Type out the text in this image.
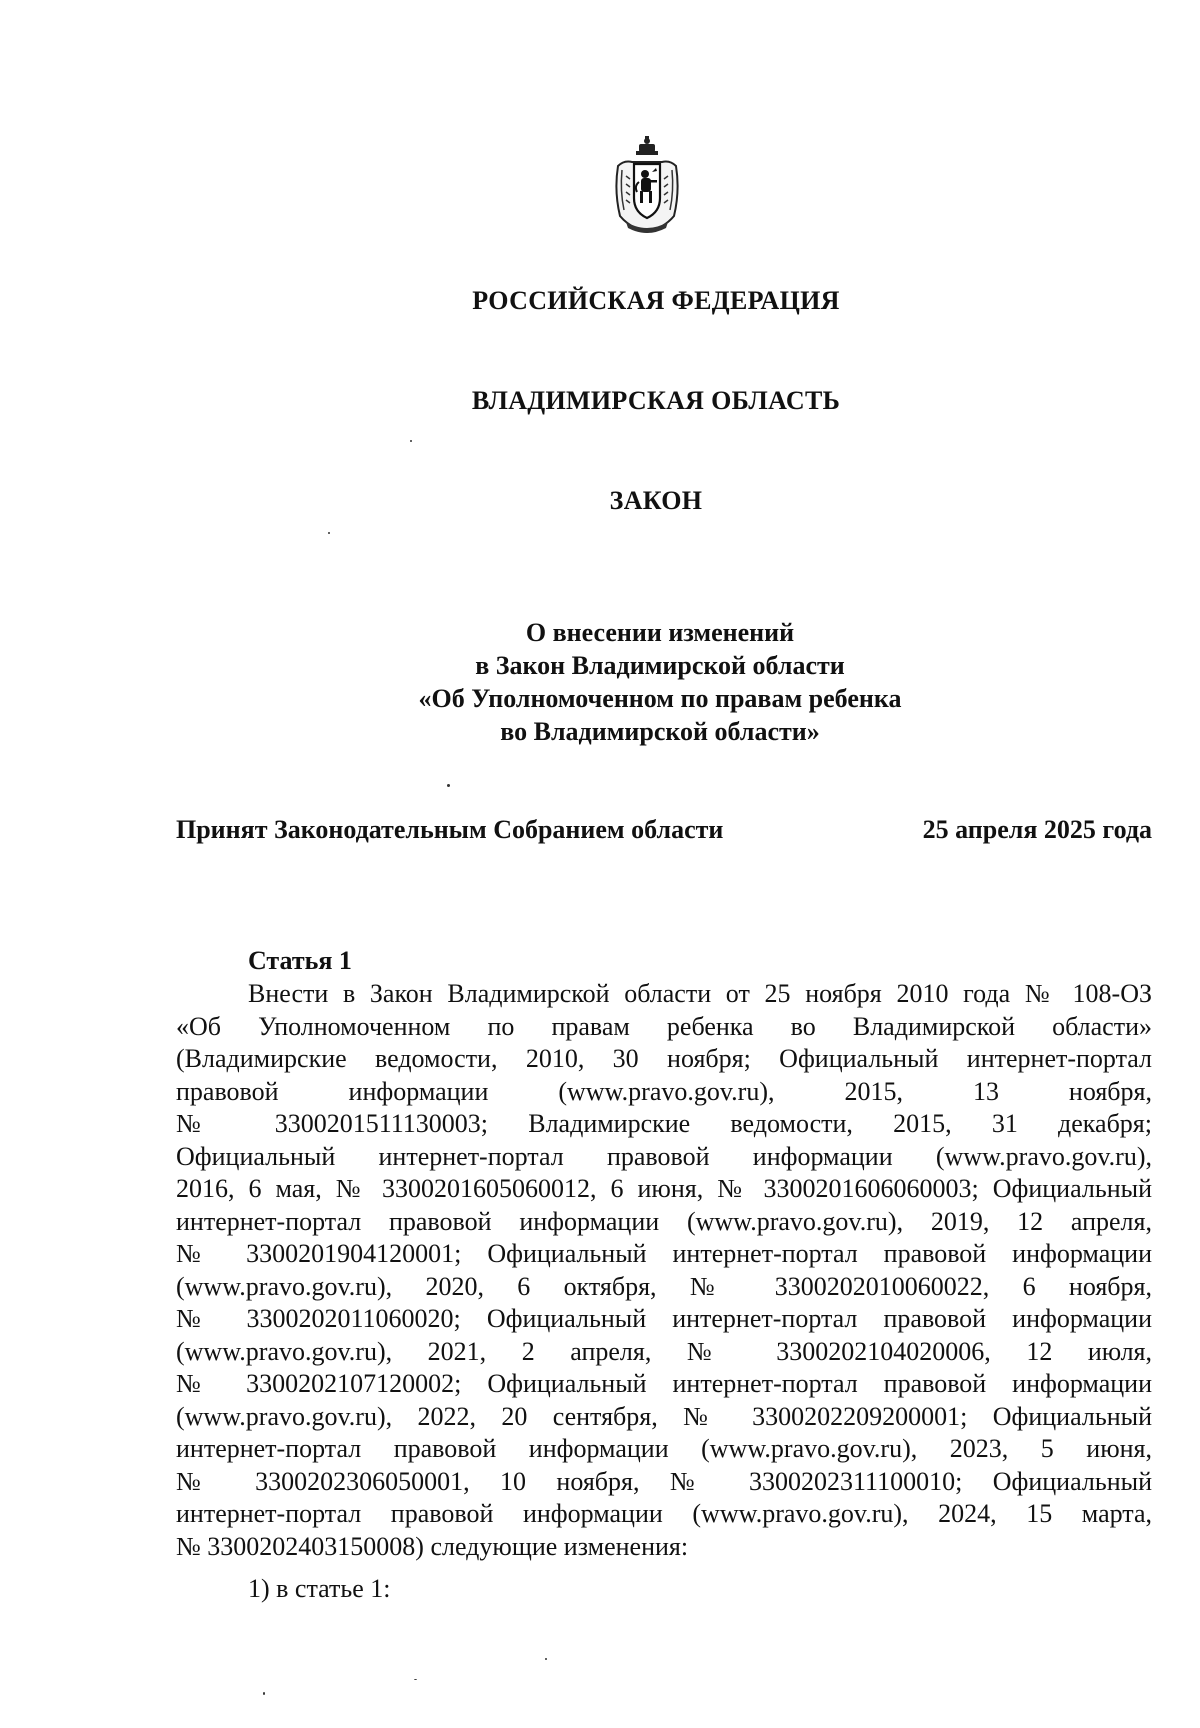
РОССИЙСКАЯ ФЕДЕРАЦИЯ
ВЛАДИМИРСКАЯ ОБЛАСТЬ
ЗАКОН
О внесении изменений
в Закон Владимирской области
«Об Уполномоченном по правам ребенка
во Владимирской области»
Принят Законодательным Собранием области	25 апреля 2025 года
Статья 1
Внести в Закон Владимирской области от 25 ноября 2010 года № 108-ОЗ
«Об Уполномоченном по правам ребенка во Владимирской области»
(Владимирские ведомости, 2010, 30 ноября; Официальный интернет-портал
правовой информации (www.pravo.gov.ru), 2015, 13 ноября,
№ 3300201511130003; Владимирские ведомости, 2015, 31 декабря;
Официальный интернет-портал правовой информации (www.pravo.gov.ru),
2016, 6 мая, № 3300201605060012, 6 июня, № 3300201606060003; Официальный
интернет-портал правовой информации (www.pravo.gov.ru), 2019, 12 апреля,
№ 3300201904120001; Официальный интернет-портал правовой информации
(www.pravo.gov.ru), 2020, 6 октября, № 3300202010060022, 6 ноября,
№ 3300202011060020; Официальный интернет-портал правовой информации
(www.pravo.gov.ru), 2021, 2 апреля, № 3300202104020006, 12 июля,
№ 3300202107120002; Официальный интернет-портал правовой информации
(www.pravo.gov.ru), 2022, 20 сентября, № 3300202209200001; Официальный
интернет-портал правовой информации (www.pravo.gov.ru), 2023, 5 июня,
№ 3300202306050001, 10 ноября, № 3300202311100010; Официальный
интернет-портал правовой информации (www.pravo.gov.ru), 2024, 15 марта,
№ 3300202403150008) следующие изменения:
1) в статье 1:
